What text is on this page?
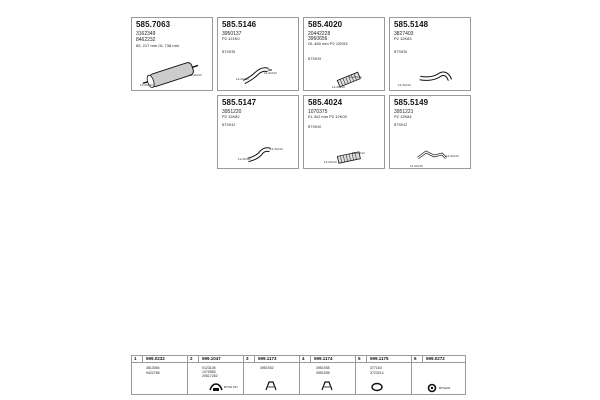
585.7063
3162349
8462232
65, 217 mm OL 738 mm
12-21013
12-21013
585.5146
3950137
P2 121K0
BTSH35
12-21013
12-21013
585.4020
20442228
3960656
OL 460 mm P2 12K03
BTSH29
12-21013
12-21013
585.5148
3827403
P2 12K83
BTSH30
12-21013
585.5147
3951220
P2 12K82
BTSH42
12-21013
12-21013
585.4024
1070375
EL 3x2 mm P2 12K03
BTSH40
12-21013
12-21013
585.5149
3951221
P2 12K84
BTSH42
12-21013
12-21013
1 599.0232
3813054
9422768
2 599.1047
0123105
1070583
20617252
BTSH 157
3 599.1173
3951932
4 599.1174
3951935
3951935
5 599.1175
377163
3723214
6 599.0272
BTSH32
